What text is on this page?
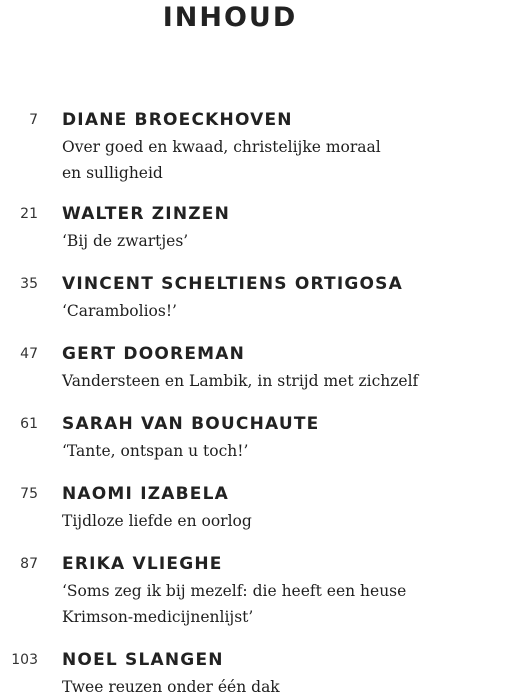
INHOUD
7 DIANE BROECKHOVEN
Over goed en kwaad, christelijke moraal
en sulligheid
21 WALTER ZINZEN
‘Bij de zwartjes’
35 VINCENT SCHELTIENS ORTIGOSA
‘Carambolios!’
47 GERT DOOREMAN
Vandersteen en Lambik, in strijd met zichzelf
61 SARAH VAN BOUCHAUTE
‘Tante, ontspan u toch!’
75 NAOMI IZABELA
Tijdloze liefde en oorlog
87 ERIKA VLIEGHE
‘Soms zeg ik bij mezelf: die heeft een heuse
Krimson-medicijnenlijst’
103 NOEL SLANGEN
Twee reuzen onder één dak
